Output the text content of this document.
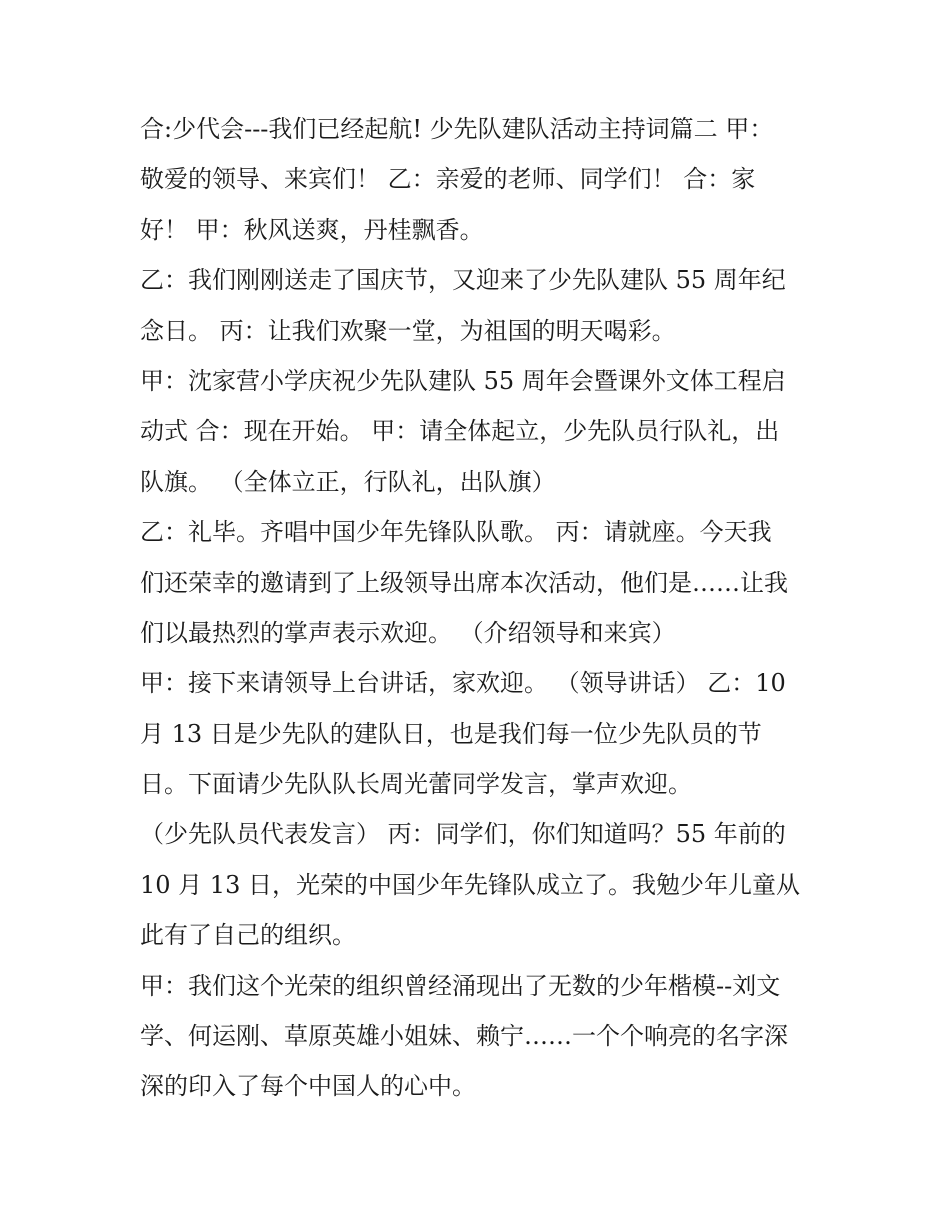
合:少代会---我们已经起航! 少先队建队活动主持词篇二 甲：
敬爱的领导、来宾们！ 乙：亲爱的老师、同学们！ 合：家
好！ 甲：秋风送爽，丹桂飘香。
乙：我们刚刚送走了国庆节，又迎来了少先队建队 55 周年纪
念日。 丙：让我们欢聚一堂，为祖国的明天喝彩。
甲：沈家营小学庆祝少先队建队 55 周年会暨课外文体工程启
动式 合：现在开始。 甲：请全体起立，少先队员行队礼，出
队旗。 （全体立正，行队礼，出队旗）
乙：礼毕。齐唱中国少年先锋队队歌。 丙：请就座。今天我
们还荣幸的邀请到了上级领导出席本次活动，他们是……让我
们以最热烈的掌声表示欢迎。 （介绍领导和来宾）
甲：接下来请领导上台讲话，家欢迎。 （领导讲话） 乙：10
月 13 日是少先队的建队日，也是我们每一位少先队员的节
日。下面请少先队队长周光蕾同学发言，掌声欢迎。
（少先队员代表发言） 丙：同学们，你们知道吗？55 年前的
10 月 13 日，光荣的中国少年先锋队成立了。我勉少年儿童从
此有了自己的组织。
甲：我们这个光荣的组织曾经涌现出了无数的少年楷模--刘文
学、何运刚、草原英雄小姐妹、赖宁……一个个响亮的名字深
深的印入了每个中国人的心中。
